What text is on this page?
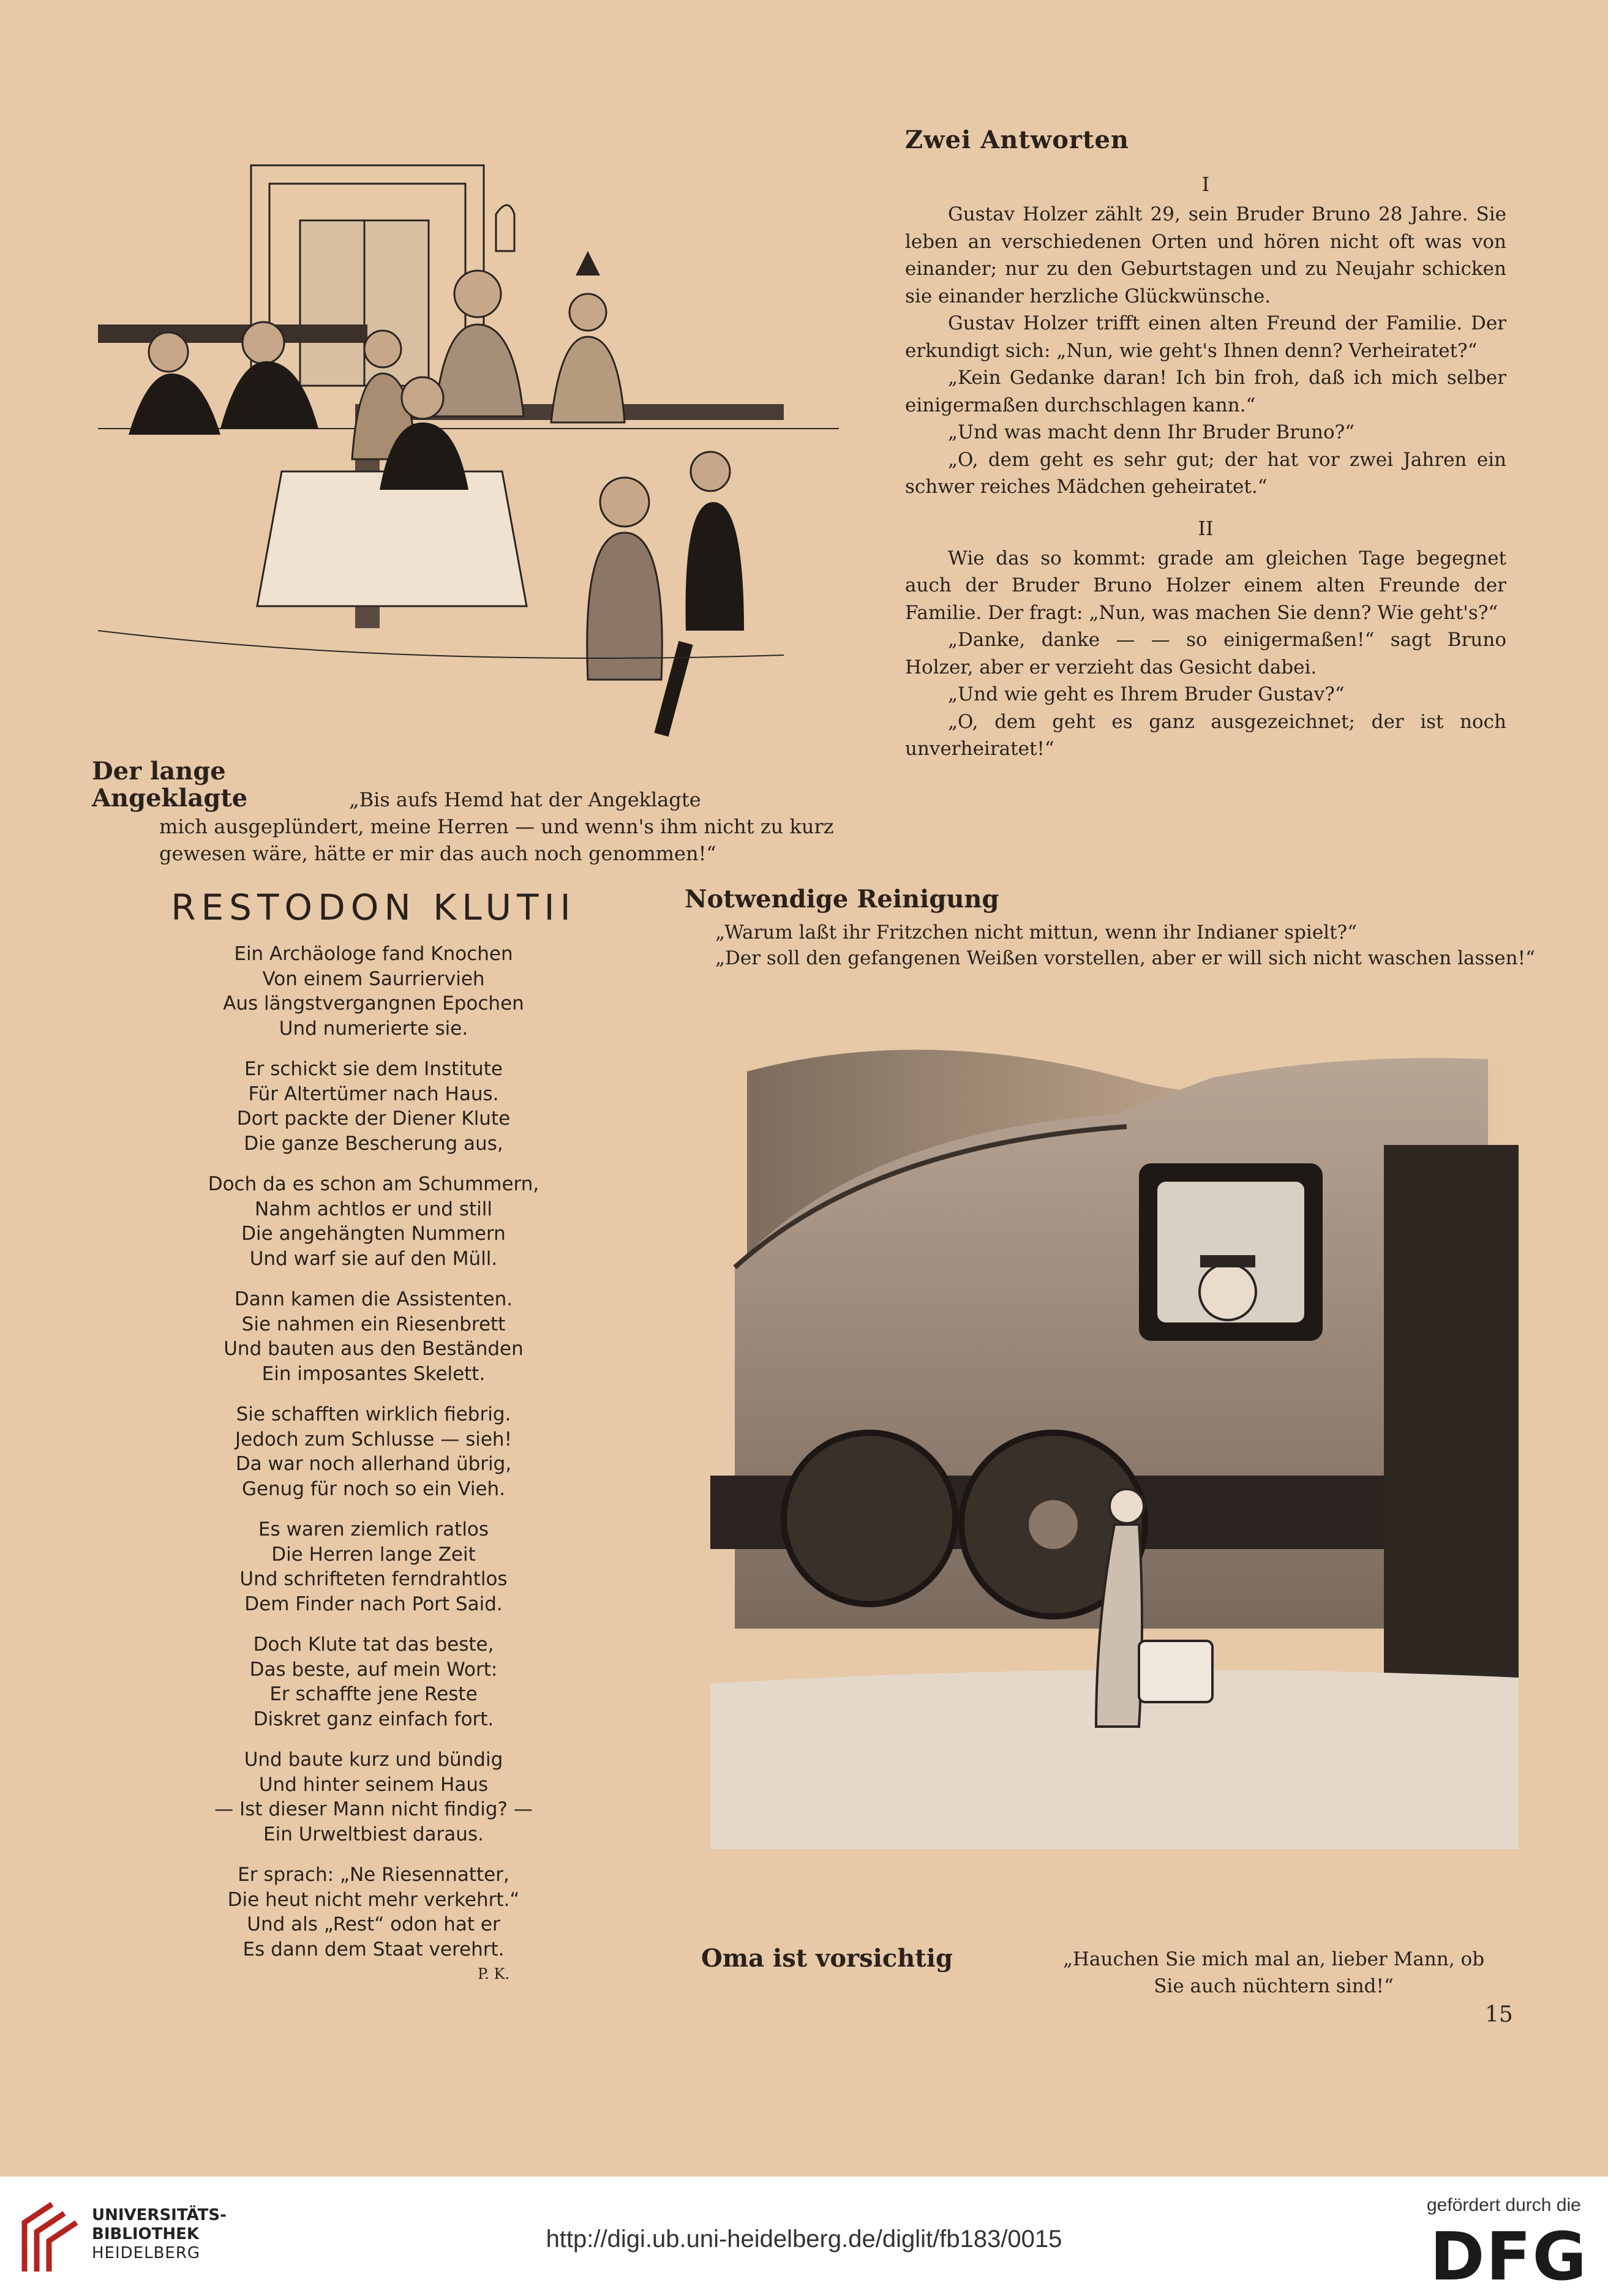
Zwei Antworten
I

Gustav Holzer zählt 29, sein Bruder Bruno 28 Jahre. Sie leben an verschiedenen Orten und hören nicht oft was von einander; nur zu den Geburtstagen und zu Neujahr schicken sie einander herzliche Glückwünsche.

Gustav Holzer trifft einen alten Freund der Familie. Der erkundigt sich: „Nun, wie geht's Ihnen denn? Verheiratet?“

„Kein Gedanke daran! Ich bin froh, daß ich mich selber einigermaßen durchschlagen kann.“

„Und was macht denn Ihr Bruder Bruno?“

„O, dem geht es sehr gut; der hat vor zwei Jahren ein schwer reiches Mädchen geheiratet.“

II

Wie das so kommt: grade am gleichen Tage begegnet auch der Bruder Bruno Holzer einem alten Freunde der Familie. Der fragt: „Nun, was machen Sie denn? Wie geht's?“

„Danke, danke — — so einigermaßen!“ sagt Bruno Holzer, aber er verzieht das Gesicht dabei.

„Und wie geht es Ihrem Bruder Gustav?“

„O, dem geht es ganz ausgezeichnet; der ist noch unverheiratet!“

Der lange Angeklagte	„Bis aufs Hemd hat der Angeklagte
mich ausgeplündert, meine Herren — und wenn's ihm nicht zu kurz
gewesen wäre, hätte er mir das auch noch genommen!“
RESTODON KLUTII
Ein Archäologe fand Knochen
Von einem Saurriervieh
Aus längstvergangnen Epochen
Und numerierte sie.
Er schickt sie dem Institute
Für Altertümer nach Haus.
Dort packte der Diener Klute
Die ganze Bescherung aus,
Doch da es schon am Schummern,
Nahm achtlos er und still
Die angehängten Nummern
Und warf sie auf den Müll.
Dann kamen die Assistenten.
Sie nahmen ein Riesenbrett
Und bauten aus den Beständen
Ein imposantes Skelett.
Sie schafften wirklich fiebrig.
Jedoch zum Schlusse — sieh!
Da war noch allerhand übrig,
Genug für noch so ein Vieh.
Es waren ziemlich ratlos
Die Herren lange Zeit
Und schrifteten ferndrahtlos
Dem Finder nach Port Said.
Doch Klute tat das beste,
Das beste, auf mein Wort:
Er schaffte jene Reste
Diskret ganz einfach fort.
Und baute kurz und bündig
Und hinter seinem Haus
— Ist dieser Mann nicht findig? —
Ein Urweltbiest daraus.
Er sprach: „Ne Riesennatter,
Die heut nicht mehr verkehrt.“
Und als „Rest“ odon hat er
Es dann dem Staat verehrt.
P. K.
Notwendige Reinigung
„Warum laßt ihr Fritzchen nicht mittun, wenn ihr Indianer spielt?“
„Der soll den gefangenen Weißen vorstellen, aber er will sich nicht waschen lassen!“
Oma ist vorsichtig	„Hauchen Sie mich mal an, lieber Mann, ob
Sie auch nüchtern sind!“
15
UNIVERSITÄTS-
BIBLIOTHEK
HEIDELBERG
http://digi.ub.uni-heidelberg.de/diglit/fb183/0015
gefördert durch die
DFG
